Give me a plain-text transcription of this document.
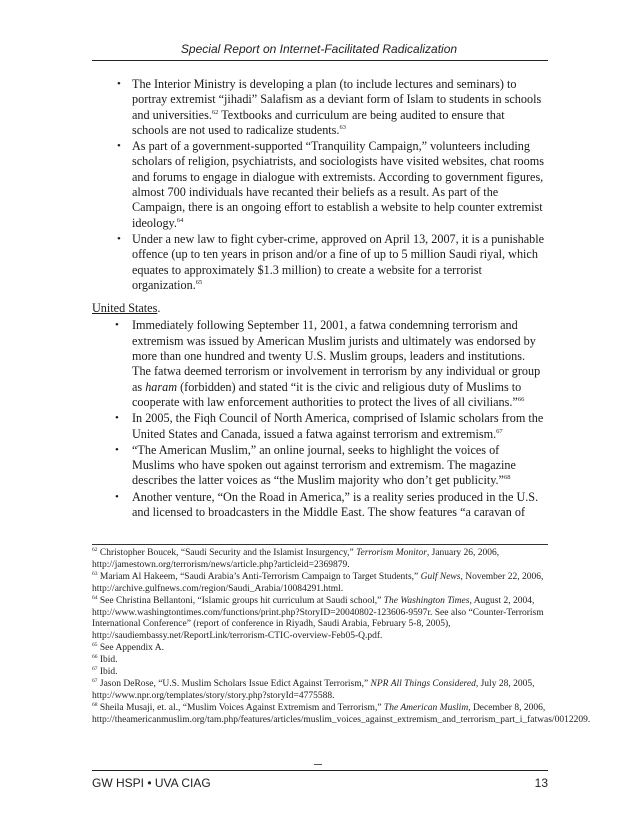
Special Report on Internet-Facilitated Radicalization
• The Interior Ministry is developing a plan (to include lectures and seminars) to portray extremist “jihadi” Salafism as a deviant form of Islam to students in schools and universities.$^{62}$ Textbooks and curriculum are being audited to ensure that schools are not used to radicalize students.$^{63}$
• As part of a government-supported “Tranquility Campaign,” volunteers including scholars of religion, psychiatrists, and sociologists have visited websites, chat rooms and forums to engage in dialogue with extremists. According to government figures, almost 700 individuals have recanted their beliefs as a result. As part of the Campaign, there is an ongoing effort to establish a website to help counter extremist ideology.$^{64}$
• Under a new law to fight cyber-crime, approved on April 13, 2007, it is a punishable offence (up to ten years in prison and/or a fine of up to 5 million Saudi riyal, which equates to approximately $1.3 million) to create a website for a terrorist organization.$^{65}$
United States.
• Immediately following September 11, 2001, a fatwa condemning terrorism and extremism was issued by American Muslim jurists and ultimately was endorsed by more than one hundred and twenty U.S. Muslim groups, leaders and institutions. The fatwa deemed terrorism or involvement in terrorism by any individual or group as haram (forbidden) and stated “it is the civic and religious duty of Muslims to cooperate with law enforcement authorities to protect the lives of all civilians.”$^{66}$
• In 2005, the Fiqh Council of North America, comprised of Islamic scholars from the United States and Canada, issued a fatwa against terrorism and extremism.$^{67}$
• “The American Muslim,” an online journal, seeks to highlight the voices of Muslims who have spoken out against terrorism and extremism. The magazine describes the latter voices as “the Muslim majority who don’t get publicity.”$^{68}$
• Another venture, “On the Road in America,” is a reality series produced in the U.S. and licensed to broadcasters in the Middle East. The show features “a caravan of

$^{62}$ Christopher Boucek, “Saudi Security and the Islamist Insurgency,” Terrorism Monitor, January 26, 2006, http://jamestown.org/terrorism/news/article.php?articleid=2369879.

$^{63}$ Mariam Al Hakeem, “Saudi Arabia’s Anti-Terrorism Campaign to Target Students,” Gulf News, November 22, 2006, http://archive.gulfnews.com/region/Saudi_Arabia/10084291.html.

$^{64}$ See Christina Bellantoni, “Islamic groups hit curriculum at Saudi school,” The Washington Times, August 2, 2004, http://www.washingtontimes.com/functions/print.php?StoryID=20040802-123606-9597r. See also “Counter-Terrorism International Conference” (report of conference in Riyadh, Saudi Arabia, February 5-8, 2005), http://saudiembassy.net/ReportLink/terrorism-CTIC-overview-Feb05-Q.pdf.

$^{65}$ See Appendix A.

$^{66}$ Ibid.

$^{67}$ Ibid.

$^{67}$ Jason DeRose, “U.S. Muslim Scholars Issue Edict Against Terrorism,” NPR All Things Considered, July 28, 2005, http://www.npr.org/templates/story/story.php?storyId=4775588.

$^{68}$ Sheila Musaji, et. al., “Muslim Voices Against Extremism and Terrorism,” The American Muslim, December 8, 2006, http://theamericanmuslim.org/tam.php/features/articles/muslim_voices_against_extremism_and_terrorism_part_i_fatwas/0012209.

GW HSPI • UVA CIAG	13
